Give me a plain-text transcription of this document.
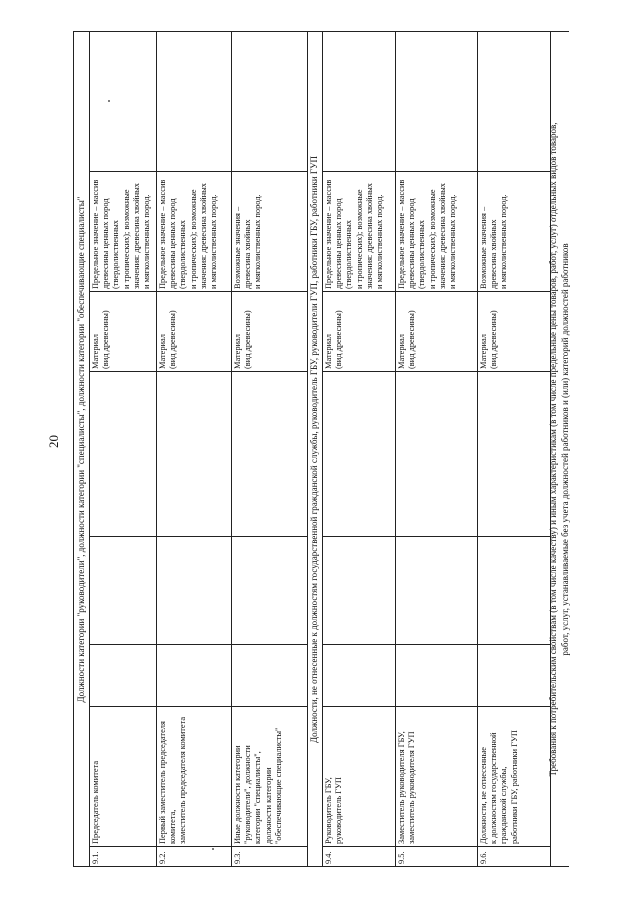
20 Должности категории "руководители", должности категории "специалисты", должности категории "обеспечивающие специалисты"
9.1.
Председатель комитета
Материал
(вид древесины)
Предельное значение – массив
древесины ценных пород
(твердолиственных
и тропических); возможные
значения: древесина хвойных
и мягколиственных пород.
9.2.
Первый заместитель председателя
комитета,
заместитель председателя комитета
Материал
(вид древесины)
Предельное значение – массив
древесины ценных пород
(твердолиственных
и тропических); возможные
значения: древесина хвойных
и мягколиственных пород.
9.3.
Иные должности категории
"руководители", должности
категории "специалисты",
должности категории
"обеспечивающие специалисты"
Материал
(вид древесины)
Возможные значения –
древесина хвойных
и мягколиственных пород.	Должности, не отнесенные к должностям государственной гражданской службы, руководитель ГБУ, руководители ГУП, работники ГБУ, работники ГУП
9.4.
Руководитель ГБУ,
руководитель ГУП
Материал
(вид древесины)
Предельное значение – массив
древесины ценных пород
(твердолиственных
и тропических); возможные
значения: древесина хвойных
и мягколиственных пород.
9.5.
Заместитель руководителя ГБУ,
заместитель руководителя ГУП
Материал
(вид древесины)
Предельное значение – массив
древесины ценных пород
(твердолиственных
и тропических); возможные
значения: древесина хвойных
и мягколиственных пород.
9.6.
Должности, не отнесенные
к должностям государственной
гражданской службы,
работники ГБУ, работники ГУП
Материал
(вид древесины)
Возможные значения –
древесина хвойных
и мягколиственных пород.
Требования к потребительским свойствам (в том числе качеству) и иным характеристикам (в том числе предельные цены товаров, работ, услуг) отдельных видов товаров,
работ, услуг, устанавливаемые без учета должностей работников и (или) категорий должностей работников
